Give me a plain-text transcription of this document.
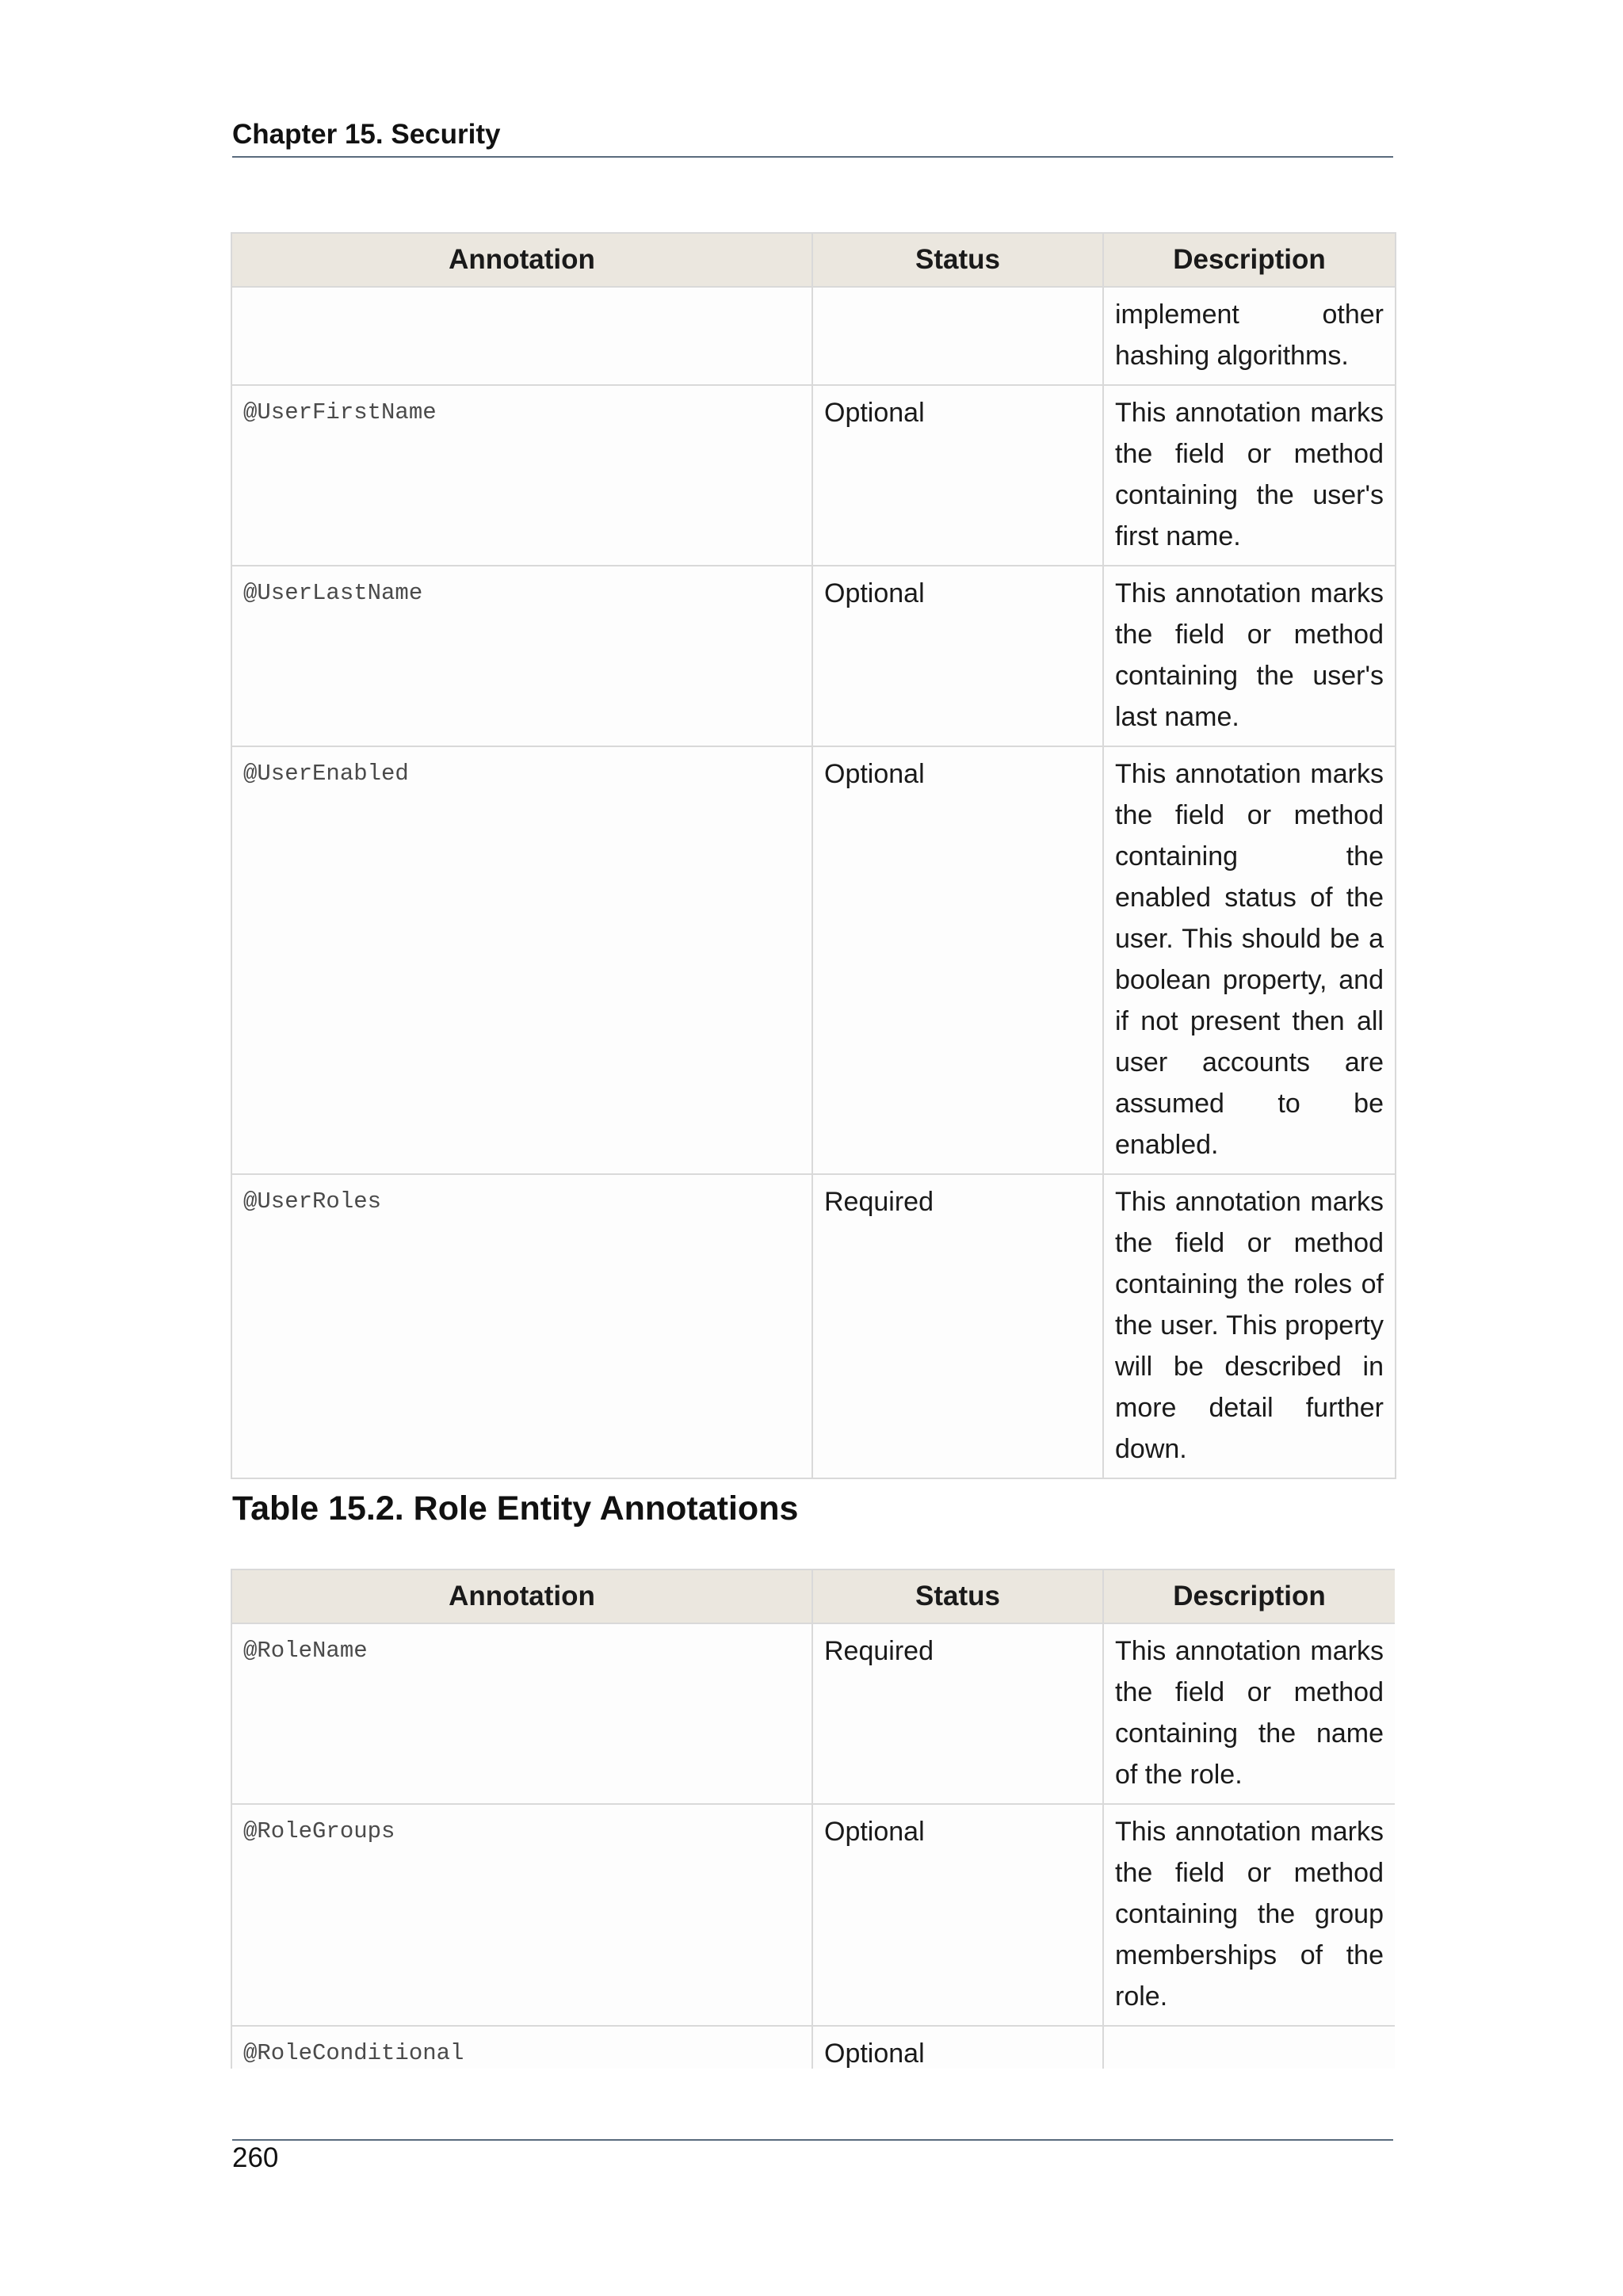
Chapter 15. Security
Annotation	Status	Description
		implement other hashing algorithms.
@UserFirstName	Optional	This annotation marks the field or method containing the user's first name.
@UserLastName	Optional	This annotation marks the field or method containing the user's last name.
@UserEnabled	Optional	This annotation marks the field or method containing the enabled status of the user. This should be a boolean property, and if not present then all user accounts are assumed to be enabled.
@UserRoles	Required	This annotation marks the field or method containing the roles of the user. This property will be described in more detail further down.
Table 15.2. Role Entity Annotations
Annotation	Status	Description
@RoleName	Required	This annotation marks the field or method containing the name of the role.
@RoleGroups	Optional	This annotation marks the field or method containing the group memberships of the role.
@RoleConditional	Optional	
260
